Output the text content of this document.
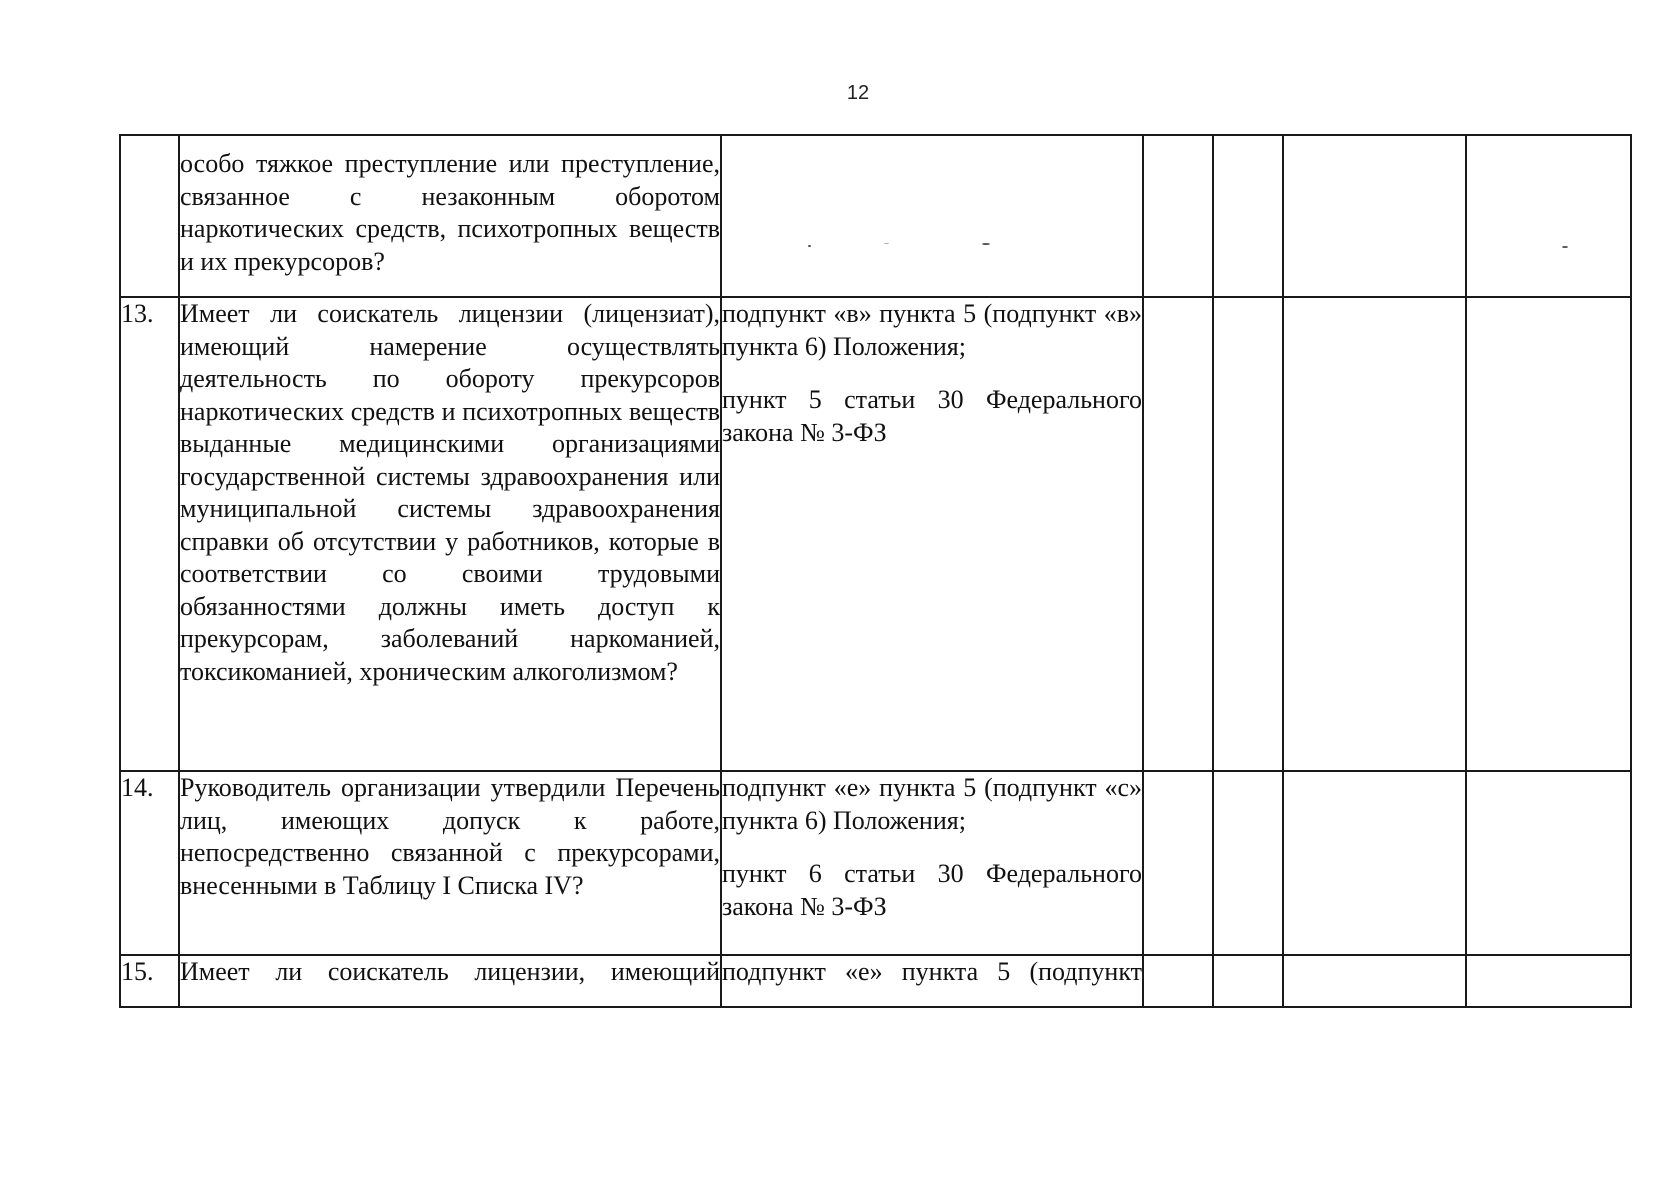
12
	особо тяжкое преступление или преступление, связанное с незаконным оборотом наркотических средств, психотропных веществ и их прекурсоров?					
13.	Имеет ли соискатель лицензии (лицензиат), имеющий намерение осуществлять деятельность по обороту прекурсоров наркотических средств и психотропных веществ выданные медицинскими организациями государственной системы здравоохранения или муниципальной системы здравоохранения справки об отсутствии у работников, которые в соответствии со своими трудовыми обязанностями должны иметь доступ к прекурсорам, заболеваний наркоманией, токсикоманией, хроническим алкоголизмом?	подпункт «в» пункта 5 (подпункт «в» пункта 6) Положения;

пункт 5 статьи 30 Федерального закона № 3-ФЗ				

14.	Руководитель организации утвердили Перечень лиц, имеющих допуск к работе, непосредственно связанной с прекурсорами, внесенными в Таблицу I Списка IV?	подпункт «е» пункта 5 (подпункт «с» пункта 6) Положения;

пункт 6 статьи 30 Федерального закона № 3-ФЗ				

15.	Имеет ли соискатель лицензии, имеющий	подпункт «е» пункта 5 (подпункт				
